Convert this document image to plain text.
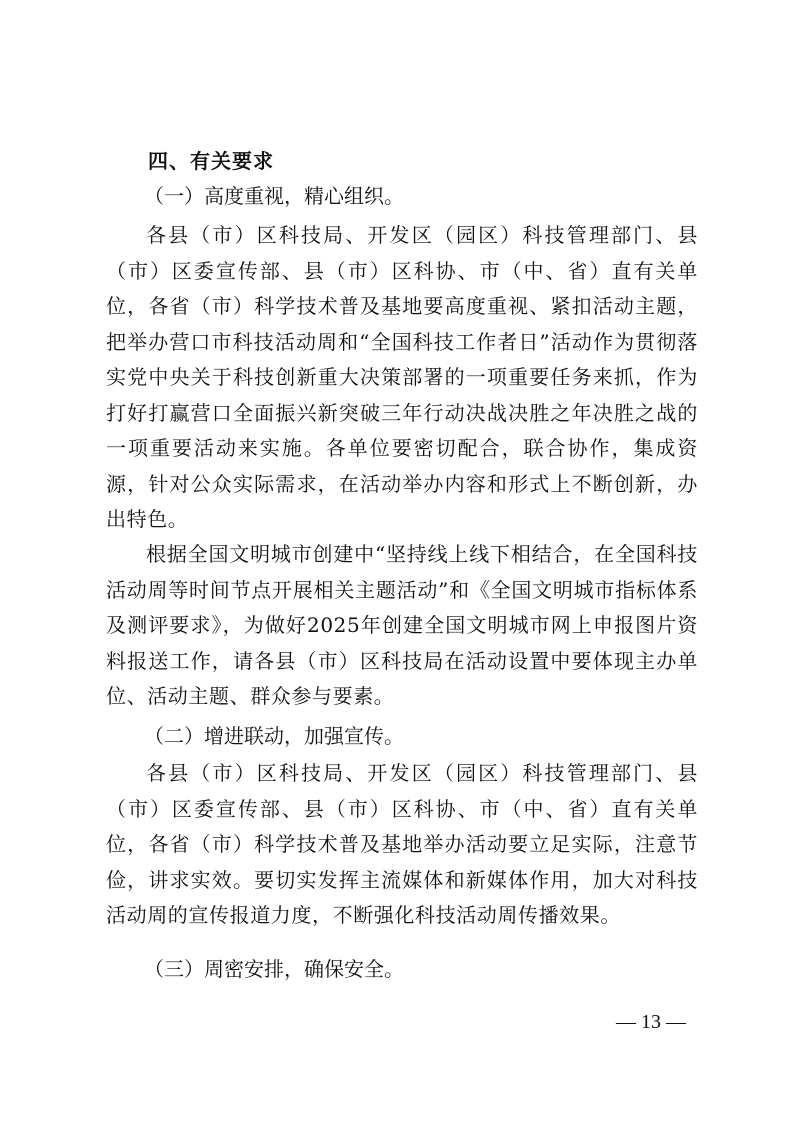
四、有关要求

（一）高度重视，精心组织。

各县（市）区科技局、开发区（园区）科技管理部门、县（市）区委宣传部、县（市）区科协、市（中、省）直有关单位，各省（市）科学技术普及基地要高度重视、紧扣活动主题，把举办营口市科技活动周和“全国科技工作者日”活动作为贯彻落实党中央关于科技创新重大决策部署的一项重要任务来抓，作为打好打赢营口全面振兴新突破三年行动决战决胜之年决胜之战的一项重要活动来实施。各单位要密切配合，联合协作，集成资源，针对公众实际需求，在活动举办内容和形式上不断创新，办出特色。

根据全国文明城市创建中“坚持线上线下相结合，在全国科技活动周等时间节点开展相关主题活动”和《全国文明城市指标体系及测评要求》，为做好2025年创建全国文明城市网上申报图片资料报送工作，请各县（市）区科技局在活动设置中要体现主办单位、活动主题、群众参与要素。

（二）增进联动，加强宣传。

各县（市）区科技局、开发区（园区）科技管理部门、县（市）区委宣传部、县（市）区科协、市（中、省）直有关单位，各省（市）科学技术普及基地举办活动要立足实际，注意节俭，讲求实效。要切实发挥主流媒体和新媒体作用，加大对科技活动周的宣传报道力度，不断强化科技活动周传播效果。

（三）周密安排，确保安全。

— 13 —
